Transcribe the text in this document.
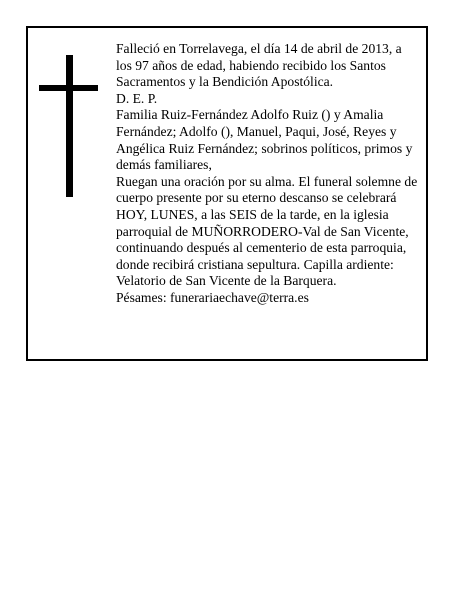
Falleció en Torrelavega, el día 14 de abril de 2013, a los 97 años de edad, habiendo recibido los Santos Sacramentos y la Bendición Apostólica.

D. E. P.

Familia Ruiz-Fernández Adolfo Ruiz () y Amalia Fernández; Adolfo (), Manuel, Paqui, José, Reyes y Angélica Ruiz Fernández; sobrinos políticos, primos y demás familiares,

Ruegan una oración por su alma. El funeral solemne de cuerpo presente por su eterno descanso se celebrará HOY, LUNES, a las SEIS de la tarde, en la iglesia parroquial de MUÑORRODERO-Val de San Vicente, continuando después al cementerio de esta parroquia, donde recibirá cristiana sepultura. Capilla ardiente: Velatorio de San Vicente de la Barquera.

Pésames: funerariaechave@terra.es
